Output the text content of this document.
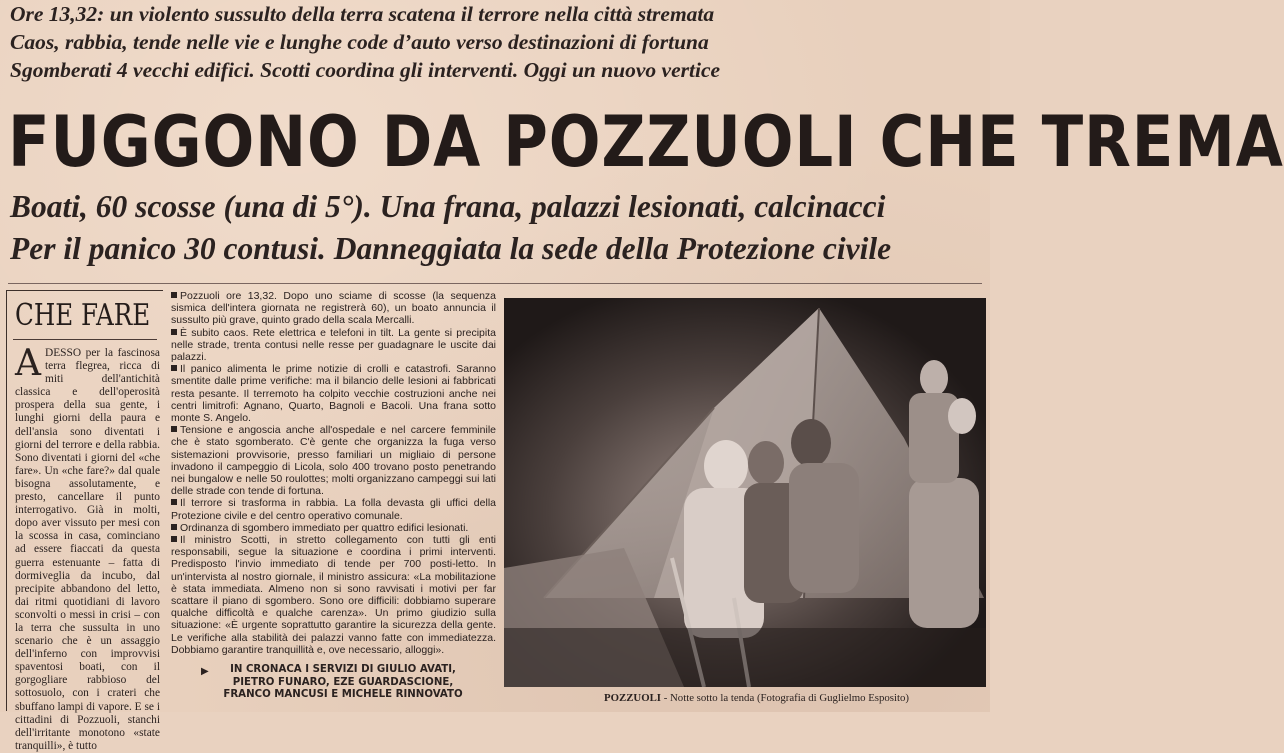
Ore 13,32: un violento sussulto della terra scatena il terrore nella città stremata
Caos, rabbia, tende nelle vie e lunghe code d’auto verso destinazioni di fortuna
Sgomberati 4 vecchi edifici. Scotti coordina gli interventi. Oggi un nuovo vertice
FUGGONO DA POZZUOLI CHE TREMA
Boati, 60 scosse (una di 5°). Una frana, palazzi lesionati, calcinacci
Per il panico 30 contusi. Danneggiata la sede della Protezione civile
CHE FARE
ADESSO per la fascinosa terra flegrea, ricca di miti dell'antichità classica e dell'operosità prospera della sua gente, i lunghi giorni della paura e dell'ansia sono diventati i giorni del terrore e della rabbia. Sono diventati i giorni del «che fare». Un «che fare?» dal quale bisogna assolutamente, e presto, cancellare il punto interrogativo. Già in molti, dopo aver vissuto per mesi con la scossa in casa, cominciano ad essere fiaccati da questa guerra estenuante – fatta di dormiveglia da incubo, dal precipite abbandono del letto, dai ritmi quotidiani di lavoro sconvolti o messi in crisi – con la terra che sussulta in uno scenario che è un assaggio dell'inferno con improvvisi spaventosi boati, con il gorgogliare rabbioso del sottosuolo, con i crateri che sbuffano lampi di vapore. E se i cittadini di Pozzuoli, stanchi dell'irritante monotono «state tranquilli», è tutto

Pozzuoli ore 13,32. Dopo uno sciame di scosse (la sequenza sismica dell'intera giornata ne registrerà 60), un boato annuncia il sussulto più grave, quinto grado della scala Mercalli.

È subito caos. Rete elettrica e telefoni in tilt. La gente si precipita nelle strade, trenta contusi nelle resse per guadagnare le uscite dai palazzi.

Il panico alimenta le prime notizie di crolli e catastrofi. Saranno smentite dalle prime verifiche: ma il bilancio delle lesioni ai fabbricati resta pesante. Il terremoto ha colpito vecchie costruzioni anche nei centri limitrofi: Agnano, Quarto, Bagnoli e Bacoli. Una frana sotto monte S. Angelo.

Tensione e angoscia anche all'ospedale e nel carcere femminile che è stato sgomberato. C'è gente che organizza la fuga verso sistemazioni provvisorie, presso familiari un migliaio di persone invadono il campeggio di Licola, solo 400 trovano posto penetrando nei bungalow e nelle 50 roulottes; molti organizzano campeggi sui lati delle strade con tende di fortuna.

Il terrore si trasforma in rabbia. La folla devasta gli uffici della Protezione civile e del centro operativo comunale.

Ordinanza di sgombero immediato per quattro edifici lesionati.

Il ministro Scotti, in stretto collegamento con tutti gli enti responsabili, segue la situazione e coordina i primi interventi. Predisposto l'invio immediato di tende per 700 posti-letto. In un'intervista al nostro giornale, il ministro assicura: «La mobilitazione è stata immediata. Almeno non si sono ravvisati i motivi per far scattare il piano di sgombero. Sono ore difficili: dobbiamo superare qualche difficoltà e qualche carenza». Un primo giudizio sulla situazione: «È urgente soprattutto garantire la sicurezza della gente. Le verifiche alla stabilità dei palazzi vanno fatte con immediatezza. Dobbiamo garantire tranquillità e, ove necessario, alloggi».

▶	IN CRONACA I SERVIZI DI GIULIO AVATI,
PIETRO FUNARO, EZE GUARDASCIONE,
FRANCO MANCUSI E MICHELE RINNOVATO	POZZUOLI - Notte sotto la tenda (Fotografia di Guglielmo Esposito)
